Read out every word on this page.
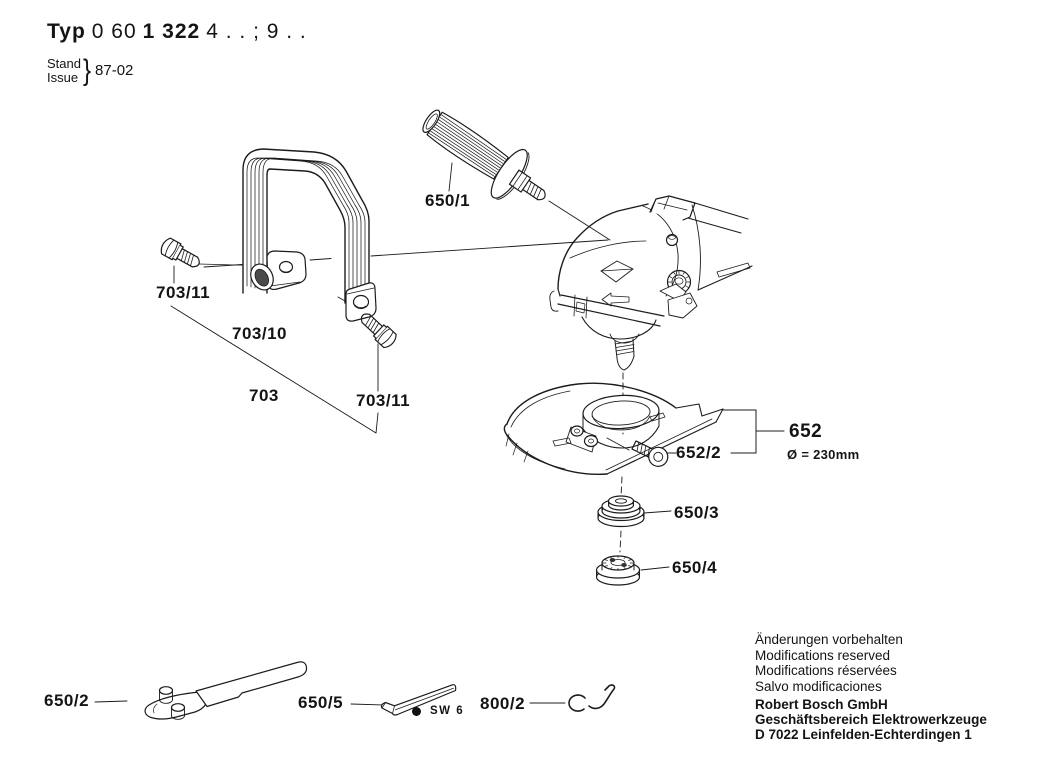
Typ 0 60 1 322 4 . . ; 9 . .
Stand
Issue } 87-02
703/11
703/10
703	703/11
650/1
652
Ø = 230mm
652/2
650/3
650/4
650/2	650/5	800/2
SW 6
Änderungen vorbehalten
Modifications reserved
Modifications réservées
Salvo modificaciones
Robert Bosch GmbH
Geschäftsbereich Elektrowerkzeuge
D 7022 Leinfelden-Echterdingen 1
